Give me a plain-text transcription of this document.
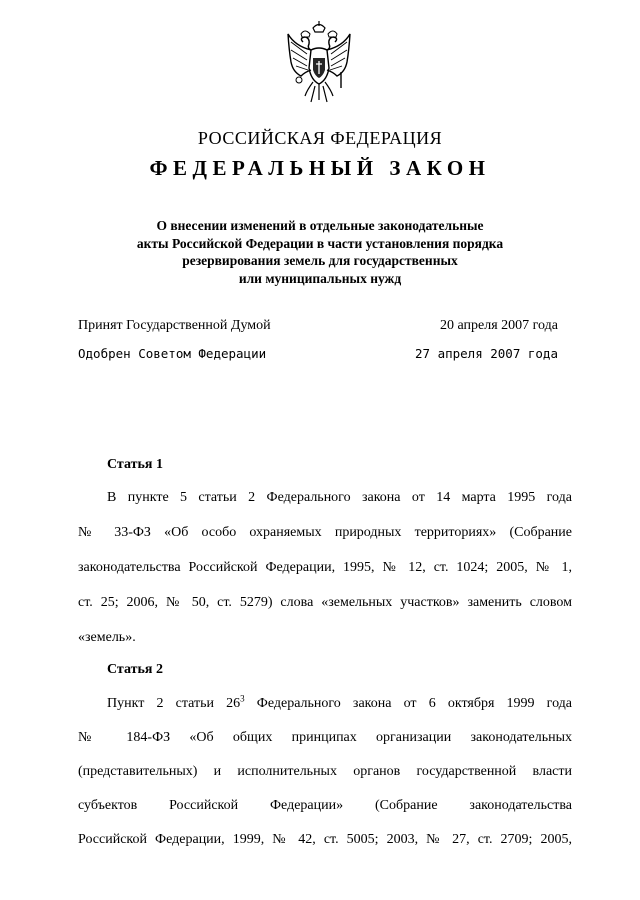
РОССИЙСКАЯ ФЕДЕРАЦИЯ
ФЕДЕРАЛЬНЫЙ ЗАКОН
О внесении изменений в отдельные законодательные
акты Российской Федерации в части установления порядка
резервирования земель для государственных
или муниципальных нужд
Принят Государственной Думой	20 апреля 2007 года
Одобрен Советом Федерации	27 апреля 2007 года
Статья 1
В пункте 5 статьи 2 Федерального закона от 14 марта 1995 года
№ 33-ФЗ «Об особо охраняемых природных территориях» (Собрание
законодательства Российской Федерации, 1995, № 12, ст. 1024; 2005, № 1,
ст. 25; 2006, № 50, ст. 5279) слова «земельных участков» заменить словом
«земель».
Статья 2
Пункт 2 статьи $26^3$ Федерального закона от 6 октября 1999 года
№ 184-ФЗ «Об общих принципах организации законодательных
(представительных) и исполнительных органов государственной власти
субъектов Российской Федерации» (Собрание законодательства
Российской Федерации, 1999, № 42, ст. 5005; 2003, № 27, ст. 2709; 2005,
